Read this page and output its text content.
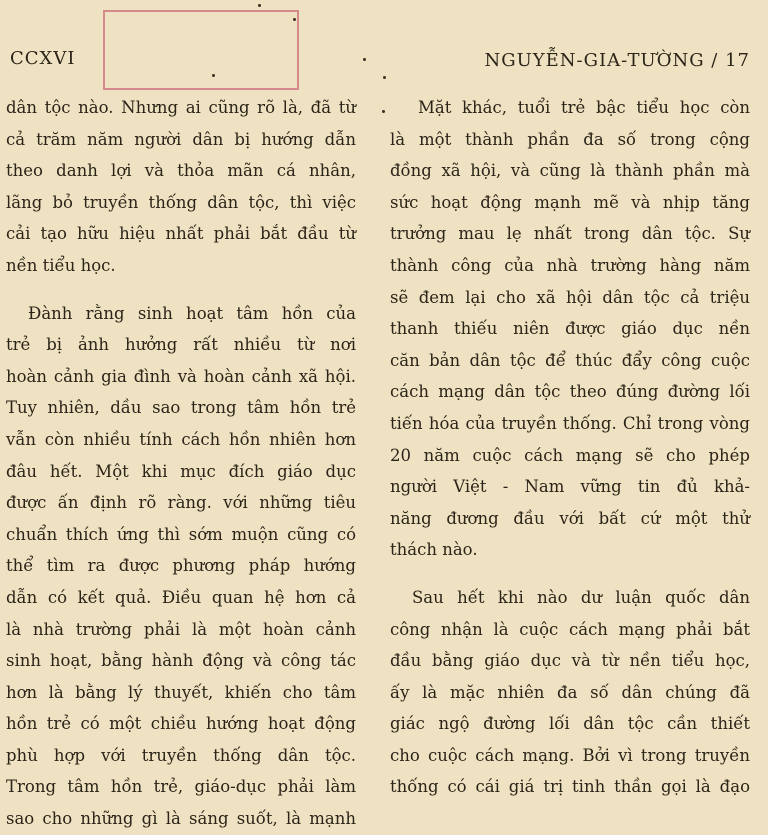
CCXVI	NGUYỄN-GIA-TƯỜNG / 17
dân tộc nào. Nhưng ai cũng rõ là, đã từ
cả trăm năm người dân bị hướng dẫn
theo danh lợi và thỏa mãn cá nhân,
lãng bỏ truyền thống dân tộc, thì việc
cải tạo hữu hiệu nhất phải bắt đầu từ
nền tiểu học.
Đành rằng sinh hoạt tâm hồn của
trẻ bị ảnh hưởng rất nhiều từ nơi
hoàn cảnh gia đình và hoàn cảnh xã hội.
Tuy nhiên, dầu sao trong tâm hồn trẻ
vẫn còn nhiều tính cách hồn nhiên hơn
đâu hết. Một khi mục đích giáo dục
được ấn định rõ ràng. với những tiêu
chuẩn thích ứng thì sớm muộn cũng có
thể tìm ra được phương pháp hướng
dẫn có kết quả. Điều quan hệ hơn cả
là nhà trường phải là một hoàn cảnh
sinh hoạt, bằng hành động và công tác
hơn là bằng lý thuyết, khiến cho tâm
hồn trẻ có một chiều hướng hoạt động
phù hợp với truyền thống dân tộc.
Trong tâm hồn trẻ, giáo-dục phải làm
sao cho những gì là sáng suốt, là mạnh
Mặt khác, tuổi trẻ bậc tiểu học còn
là một thành phần đa số trong cộng
đồng xã hội, và cũng là thành phần mà
sức hoạt động mạnh mẽ và nhịp tăng
trưởng mau lẹ nhất trong dân tộc. Sự
thành công của nhà trường hàng năm
sẽ đem lại cho xã hội dân tộc cả triệu
thanh thiếu niên được giáo dục nền
căn bản dân tộc để thúc đẩy công cuộc
cách mạng dân tộc theo đúng đường lối
tiến hóa của truyền thống. Chỉ trong vòng
20 năm cuộc cách mạng sẽ cho phép
người Việt - Nam vững tin đủ khả-
năng đương đầu với bất cứ một thử
thách nào.
Sau hết khi nào dư luận quốc dân
công nhận là cuộc cách mạng phải bắt
đầu bằng giáo dục và từ nền tiểu học,
ấy là mặc nhiên đa số dân chúng đã
giác ngộ đường lối dân tộc cần thiết
cho cuộc cách mạng. Bởi vì trong truyền
thống có cái giá trị tinh thần gọi là đạo
